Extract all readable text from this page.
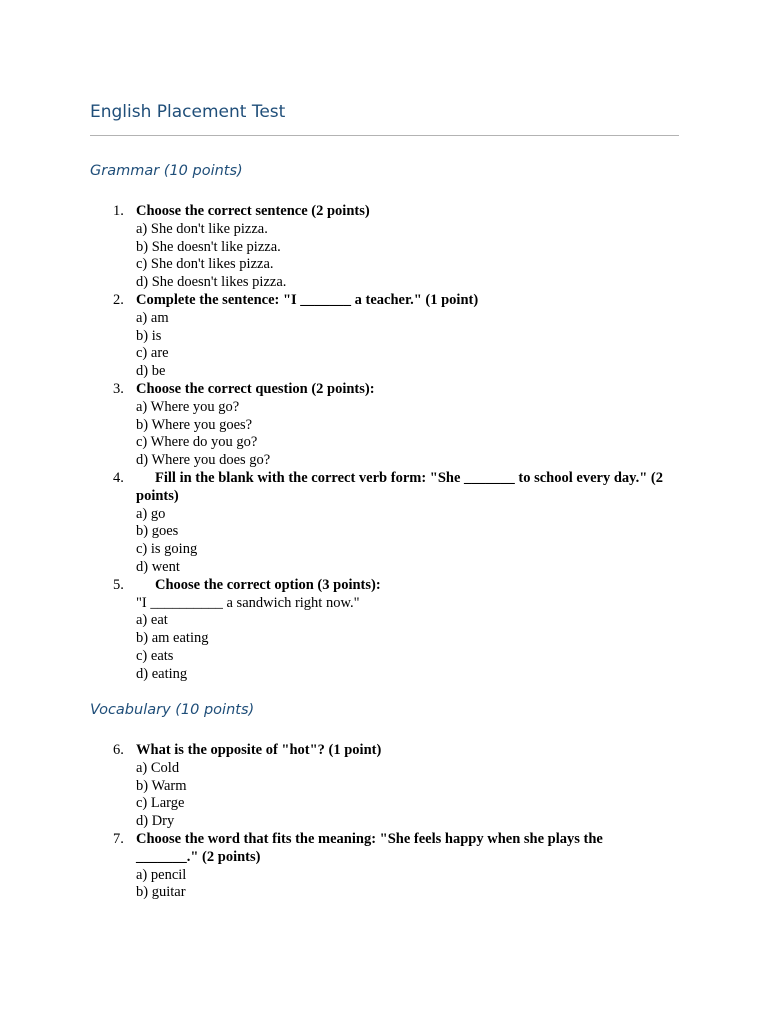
English Placement Test
Grammar (10 points)
1. Choose the correct sentence (2 points)
a) She don't like pizza.
b) She doesn't like pizza.
c) She don't likes pizza.
d) She doesn't likes pizza.
2. Complete the sentence: "I _______ a teacher." (1 point)
a) am
b) is
c) are
d) be
3. Choose the correct question (2 points):
a) Where you go?
b) Where you goes?
c) Where do you go?
d) Where you does go?
4.	Fill in the blank with the correct verb form: "She _______ to school every day." (2 points)
a) go
b) goes
c) is going
d) went
5.	Choose the correct option (3 points):
"I __________ a sandwich right now."
a) eat
b) am eating
c) eats
d) eating
Vocabulary (10 points)
6. What is the opposite of "hot"? (1 point)
a) Cold
b) Warm
c) Large
d) Dry
7. Choose the word that fits the meaning: "She feels happy when she plays the _______." (2 points)
a) pencil
b) guitar
